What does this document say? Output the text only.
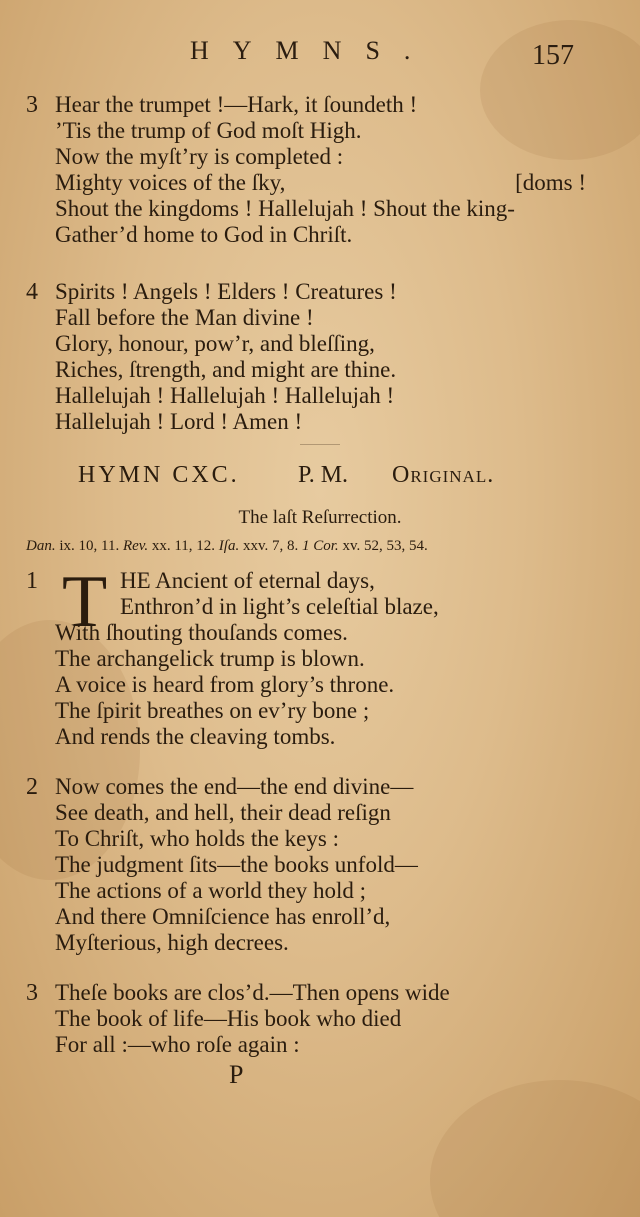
HYMNS.	157
3 Hear the trumpet !—Hark, it ſoundeth !
’Tis the trump of God moſt High.
Now the myſt’ry is completed :
Mighty voices of the ſky,	[doms !
Shout the kingdoms ! Hallelujah ! Shout the king-
Gather’d home to God in Chriſt.
4 Spirits ! Angels ! Elders ! Creatures !
Fall before the Man divine !
Glory, honour, pow’r, and bleſſing,
Riches, ſtrength, and might are thine.
Hallelujah ! Hallelujah ! Hallelujah !
Hallelujah ! Lord ! Amen !
HYMN CXC. P. M. Original.
The laſt Reſurrection.
Dan. ix. 10, 11. Rev. xx. 11, 12. Iſa. xxv. 7, 8. 1 Cor. xv. 52, 53, 54.
1	HE Ancient of eternal days,
Enthron’d in light’s celeſtial blaze,
With ſhouting thouſands comes.
The archangelick trump is blown.
A voice is heard from glory’s throne.
The ſpirit breathes on ev’ry bone ;
And rends the cleaving tombs.
T
2 Now comes the end—the end divine—
See death, and hell, their dead reſign
To Chriſt, who holds the keys :
The judgment ſits—the books unfold—
The actions of a world they hold ;
And there Omniſcience has enroll’d,
Myſterious, high decrees.
3 Theſe books are clos’d.—Then opens wide
The book of life—His book who died
For all :—who roſe again :
P
